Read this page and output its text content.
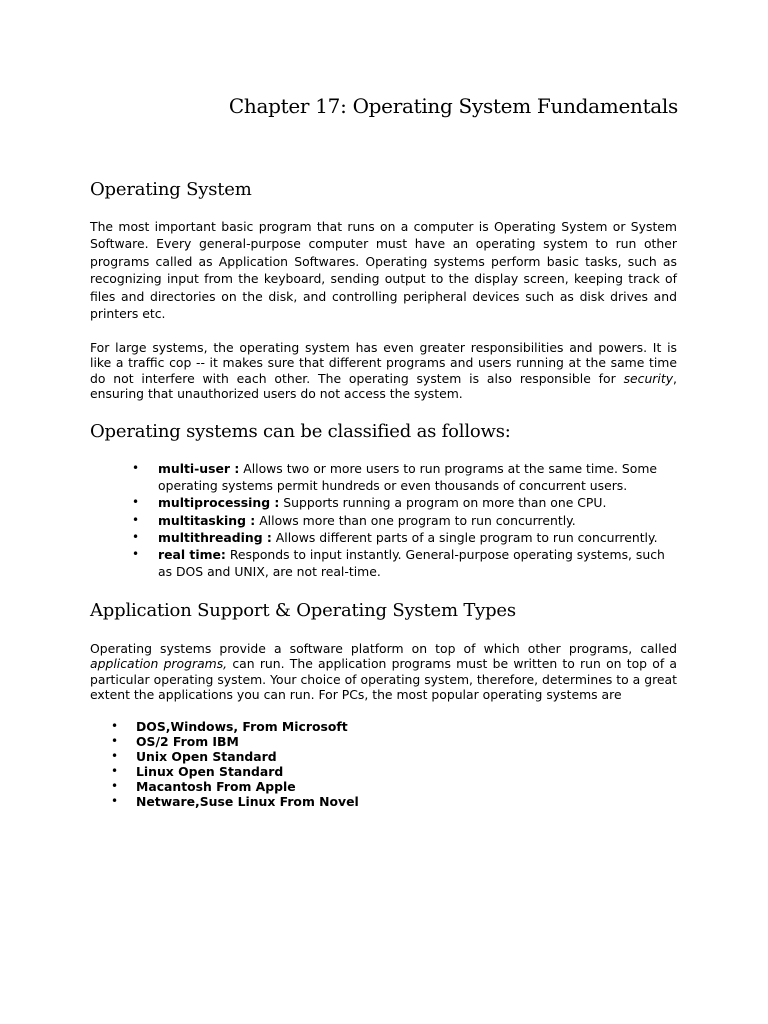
Chapter 17: Operating System Fundamentals
Operating System

The most important basic program that runs on a computer is Operating System or System Software. Every general-purpose computer must have an operating system to run other programs called as Application Softwares. Operating systems perform basic tasks, such as recognizing input from the keyboard, sending output to the display screen, keeping track of files and directories on the disk, and controlling peripheral devices such as disk drives and printers etc.

For large systems, the operating system has even greater responsibilities and powers. It is like a traffic cop -- it makes sure that different programs and users running at the same time do not interfere with each other. The operating system is also responsible for security, ensuring that unauthorized users do not access the system.

Operating systems can be classified as follows:
• multi-user : Allows two or more users to run programs at the same time. Some operating systems permit hundreds or even thousands of concurrent users.
• multiprocessing : Supports running a program on more than one CPU.
• multitasking : Allows more than one program to run concurrently.
• multithreading : Allows different parts of a single program to run concurrently.
• real time: Responds to input instantly. General-purpose operating systems, such as DOS and UNIX, are not real-time.
Application Support & Operating System Types

Operating systems provide a software platform on top of which other programs, called application programs, can run. The application programs must be written to run on top of a particular operating system. Your choice of operating system, therefore, determines to a great extent the applications you can run. For PCs, the most popular operating systems are

• DOS,Windows, From Microsoft
• OS/2 From IBM
• Unix Open Standard
• Linux Open Standard
• Macantosh From Apple
• Netware,Suse Linux From Novel
